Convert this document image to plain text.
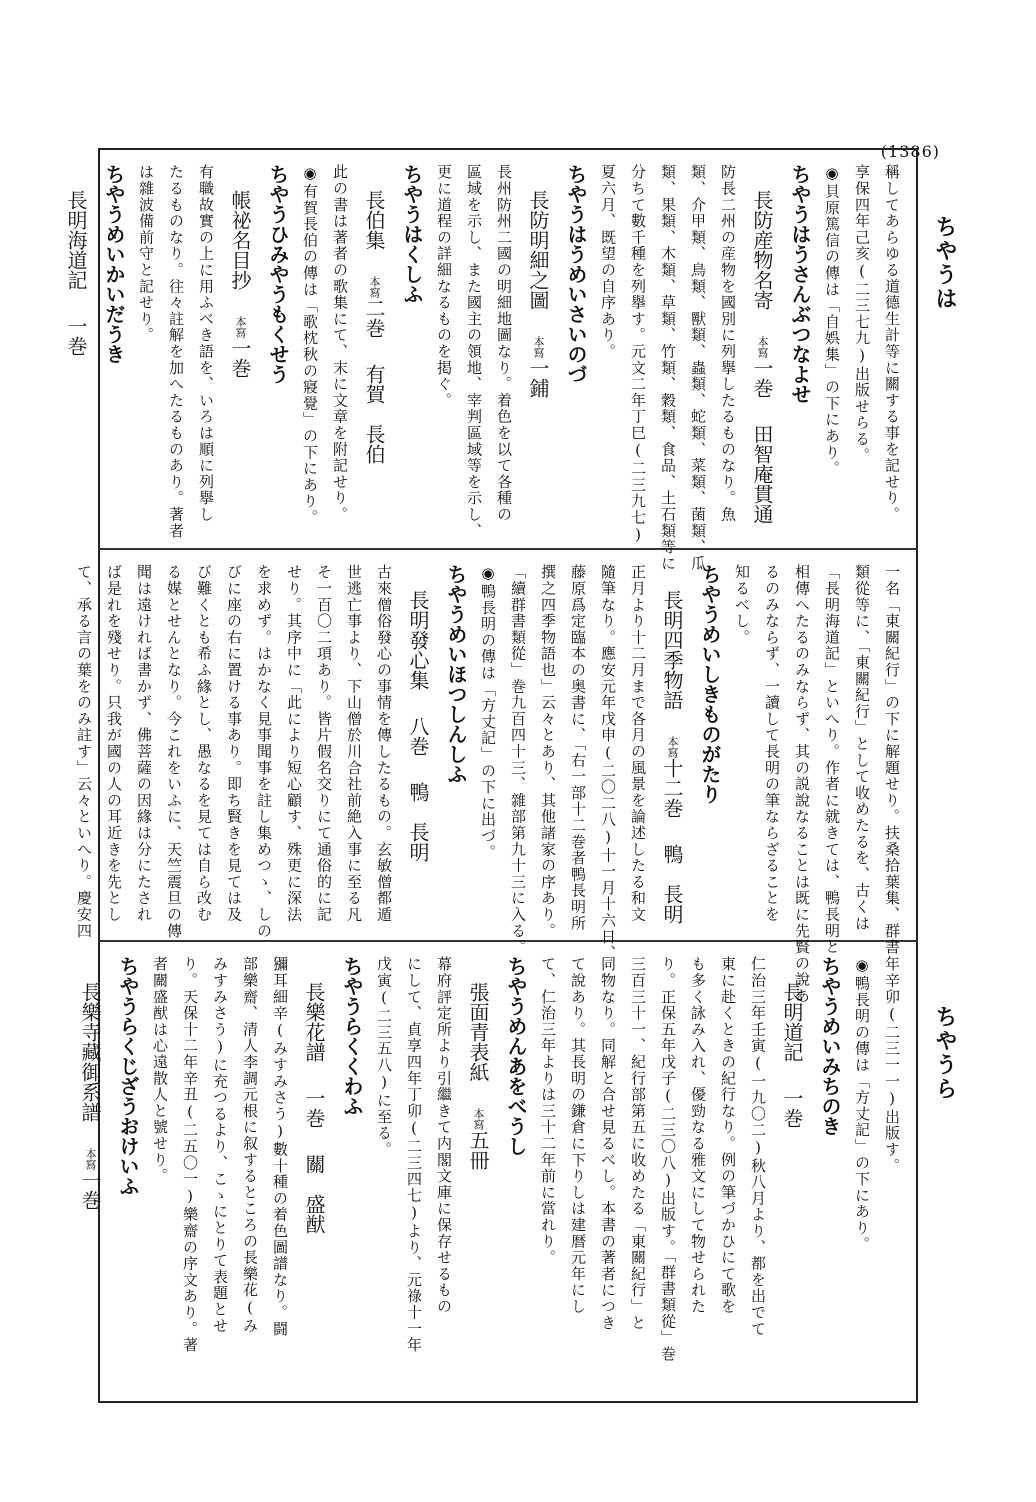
(1386)
ちやうは
ちやうら

稱してあらゆる道德生計等に關する事を記せり。

享保四年己亥(二三七九)出版せらる。

◉貝原篤信の傳は「自娯集」の下にあり。

ちやうはうさんぶつなよせ

長防産物名寄本寫一巻田智庵貫通

防長二州の産物を國別に列擧したるものなり。魚

類、介甲類、鳥類、獸類、蟲類、蛇類、菜類、菌類、瓜

類、果類、木類、草類、竹類、穀類、食品、土石類等に

分ちて數千種を列擧す。元文二年丁巳(二三九七)

夏六月、既望の自序あり。

ちやうはうめいさいのづ

長防明細之圖本寫一鋪

長州防州二國の明細地圖なり。着色を以て各種の

區域を示し、また國主の領地、宰判區域等を示し、

更に道程の詳細なるものを掲ぐ。

ちやうはくしふ

長伯集本寫二巻有賀　長伯

此の書は著者の歌集にて、末に文章を附記せり。

◉有賀長伯の傳は「歌枕秋の寢覺」の下にあり。

ちやうひみやうもくせう

帳祕名目抄本寫一巻

有職故實の上に用ふべき語を、いろは順に列擧し

たるものなり。往々註解を加へたるものあり。著者

は雜波備前守と記せり。

ちやうめいかいだうき

長明海道記一巻

一名「東關紀行」の下に解題せり。扶桑拾葉集、群書

類從等に、「東關紀行」として收めたるを、古くは

「長明海道記」といへり。作者に就きては、鴨長明と

相傳へたるのみならず、其の説說なることは既に先賢の說あ

るのみならず、一讀して長明の筆ならざることを

知るべし。

ちやうめいしきものがたり

長明四季物語本寫十二巻鴨　長明

正月より十二月まで各月の風景を論述したる和文

隨筆なり。應安元年戊申(二〇二八)十一月十六日、

藤原爲定臨本の奥書に、「右一部十二巻者鴨長明所

撰之四季物語也」云々とあり、其他諸家の序あり。

「續群書類從」巻九百四十三、雜部第九十三に入る。

◉鴨長明の傳は「方丈記」の下に出づ。

ちやうめいほつしんしふ

長明發心集八巻鴨　長明

古來僧俗發心の事情を傳したるもの。玄敏僧都遁

世逃亡事より、下山僧於川合社前絶入事に至る凡

そ一百〇二項あり。皆片假名交りにて通俗的に記

せり。其序中に「此により短心顧す、殊更に深法

を求めず。はかなく見事聞事を註し集めつゝ、しの

びに座の右に置ける事あり。即ち賢きを見ては及

び難くとも希ふ緣とし、愚なるを見ては自ら改む

る媒とせんとなり。今これをいふに、天竺震旦の傳

聞は遠ければ書かず、佛菩薩の因緣は分にたされ

ば是れを殘せり。只我が國の人の耳近きを先とし

て、承る言の葉をのみ註す」云々といへり。慶安四

年辛卯(二三一一)出版す。

◉鴨長明の傳は「方丈記」の下にあり。

ちやうめいみちのき

長明道記一巻

仁治三年壬寅(一九〇二)秋八月より、都を出でて

東に赴くときの紀行なり。例の筆づかひにて歌を

も多く詠み入れ、優勁なる雅文にして物せられた

り。正保五年戊子(二三〇八)出版す。「群書類從」巻

三百三十一、紀行部第五に收めたる「東關紀行」と

同物なり。同解と合せ見るべし。本書の著者につき

て說あり。其長明の鎌倉に下りしは建暦元年にし

て、仁治三年よりは三十二年前に當れり。

ちやうめんあをべうし

張面青表紙本寫五冊

幕府評定所より引繼きて内閣文庫に保存せるもの

にして、貞享四年丁卯(二三四七)より、元祿十一年

戊寅(二三五八)に至る。

ちやうらくくわふ

長樂花譜一巻關　盛猷

獼耳細辛(みすみさう)數十種の着色圖譜なり。闘

部樂齋、清人李調元根に叙するところの長樂花(み

みすみさう)に充つるより、こゝにとりて表題とせ

り。天保十二年辛丑(二五〇一)樂齋の序文あり。著

者關盛猷は心遠散人と號せり。

ちやうらくじざうおけいふ

長樂寺藏御系譜本寫一巻
